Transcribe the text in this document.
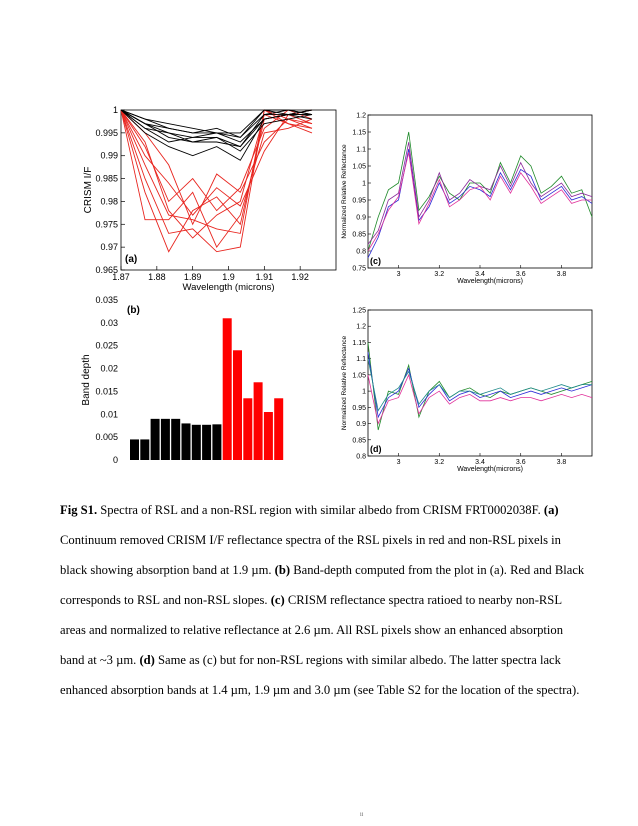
0.965
0.97
0.975
0.98
0.985
0.99
0.995
1
1.87 1.88 1.89 1.9 1.91 1.92
Wavelength (microns)
CRISM I/F
(a)
0
0.005
0.01
0.015
0.02
0.025
0.03
0.035
Band depth
(b)
0.75
0.8
0.85
0.9
0.95
1
1.05
1.1
1.15
1.2
3	3.2	3.4	3.6	3.8
Wavelength(microns)
Normalized Relative Reflectance
(c)
0.8
0.85
0.9
0.95
1
1.05
1.1
1.15
1.2
1.25
3	3.2	3.4	3.6	3.8
Wavelength(microns)
Normalized Relative Reflectance
(d)

Fig S1. Spectra of RSL and a non-RSL region with similar albedo from CRISM FRT0002038F. (a) Continuum removed CRISM I/F reflectance spectra of the RSL pixels in red and non-RSL pixels in black showing absorption band at 1.9 µm. (b) Band-depth computed from the plot in (a). Red and Black corresponds to RSL and non-RSL slopes. (c) CRISM reflectance spectra ratioed to nearby non-RSL areas and normalized to relative reflectance at 2.6 µm. All RSL pixels show an enhanced absorption band at ~3 µm. (d) Same as (c) but for non-RSL regions with similar albedo. The latter spectra lack enhanced absorption bands at 1.4 µm, 1.9 µm and 3.0 µm (see Table S2 for the location of the spectra).

ii
